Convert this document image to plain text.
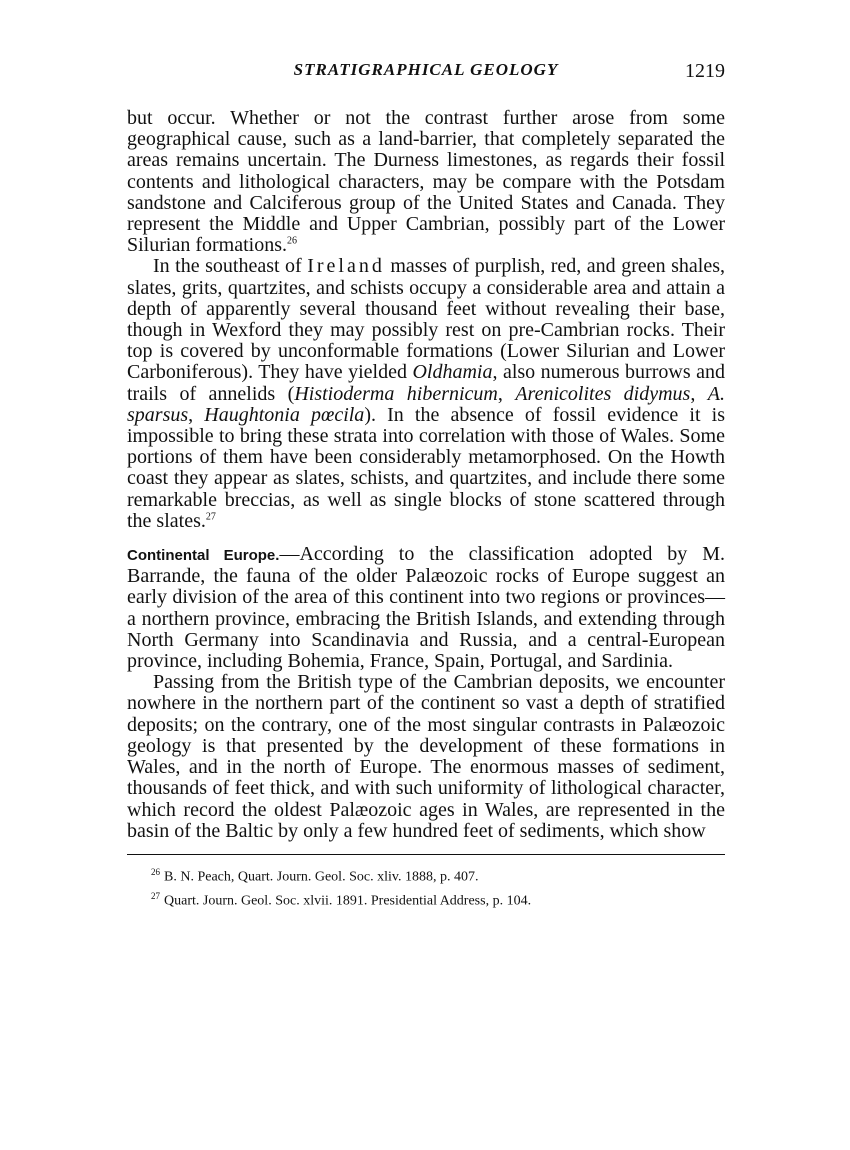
STRATIGRAPHICAL GEOLOGY	1219

but occur. Whether or not the contrast further arose from some geographical cause, such as a land-barrier, that completely separated the areas remains uncertain. The Durness limestones, as regards their fossil contents and lithological characters, may be compare with the Potsdam sandstone and Calciferous group of the United States and Canada. They represent the Middle and Upper Cambrian, possibly part of the Lower Silurian formations.$^{26}$

In the southeast of Ireland masses of purplish, red, and green shales, slates, grits, quartzites, and schists occupy a considerable area and attain a depth of apparently several thousand feet without revealing their base, though in Wexford they may possibly rest on pre-Cambrian rocks. Their top is covered by unconformable formations (Lower Silurian and Lower Carboniferous). They have yielded Oldhamia, also numerous burrows and trails of annelids (Histioderma hibernicum, Arenicolites didymus, A. sparsus, Haughtonia pœcila). In the absence of fossil evidence it is impossible to bring these strata into correlation with those of Wales. Some portions of them have been considerably metamorphosed. On the Howth coast they appear as slates, schists, and quartzites, and include there some remarkable breccias, as well as single blocks of stone scattered through the slates.$^{27}$

Continental Europe.—According to the classification adopted by M. Barrande, the fauna of the older Palæozoic rocks of Europe suggest an early division of the area of this continent into two regions or provinces—a northern province, embracing the British Islands, and extending through North Germany into Scandinavia and Russia, and a central-European province, including Bohemia, France, Spain, Portugal, and Sardinia.

Passing from the British type of the Cambrian deposits, we encounter nowhere in the northern part of the continent so vast a depth of stratified deposits; on the contrary, one of the most singular contrasts in Palæozoic geology is that presented by the development of these formations in Wales, and in the north of Europe. The enormous masses of sediment, thousands of feet thick, and with such uniformity of lithological character, which record the oldest Palæozoic ages in Wales, are represented in the basin of the Baltic by only a few hundred feet of sediments, which show

$^{26}$ B. N. Peach, Quart. Journ. Geol. Soc. xliv. 1888, p. 407.
$^{27}$ Quart. Journ. Geol. Soc. xlvii. 1891. Presidential Address, p. 104.
